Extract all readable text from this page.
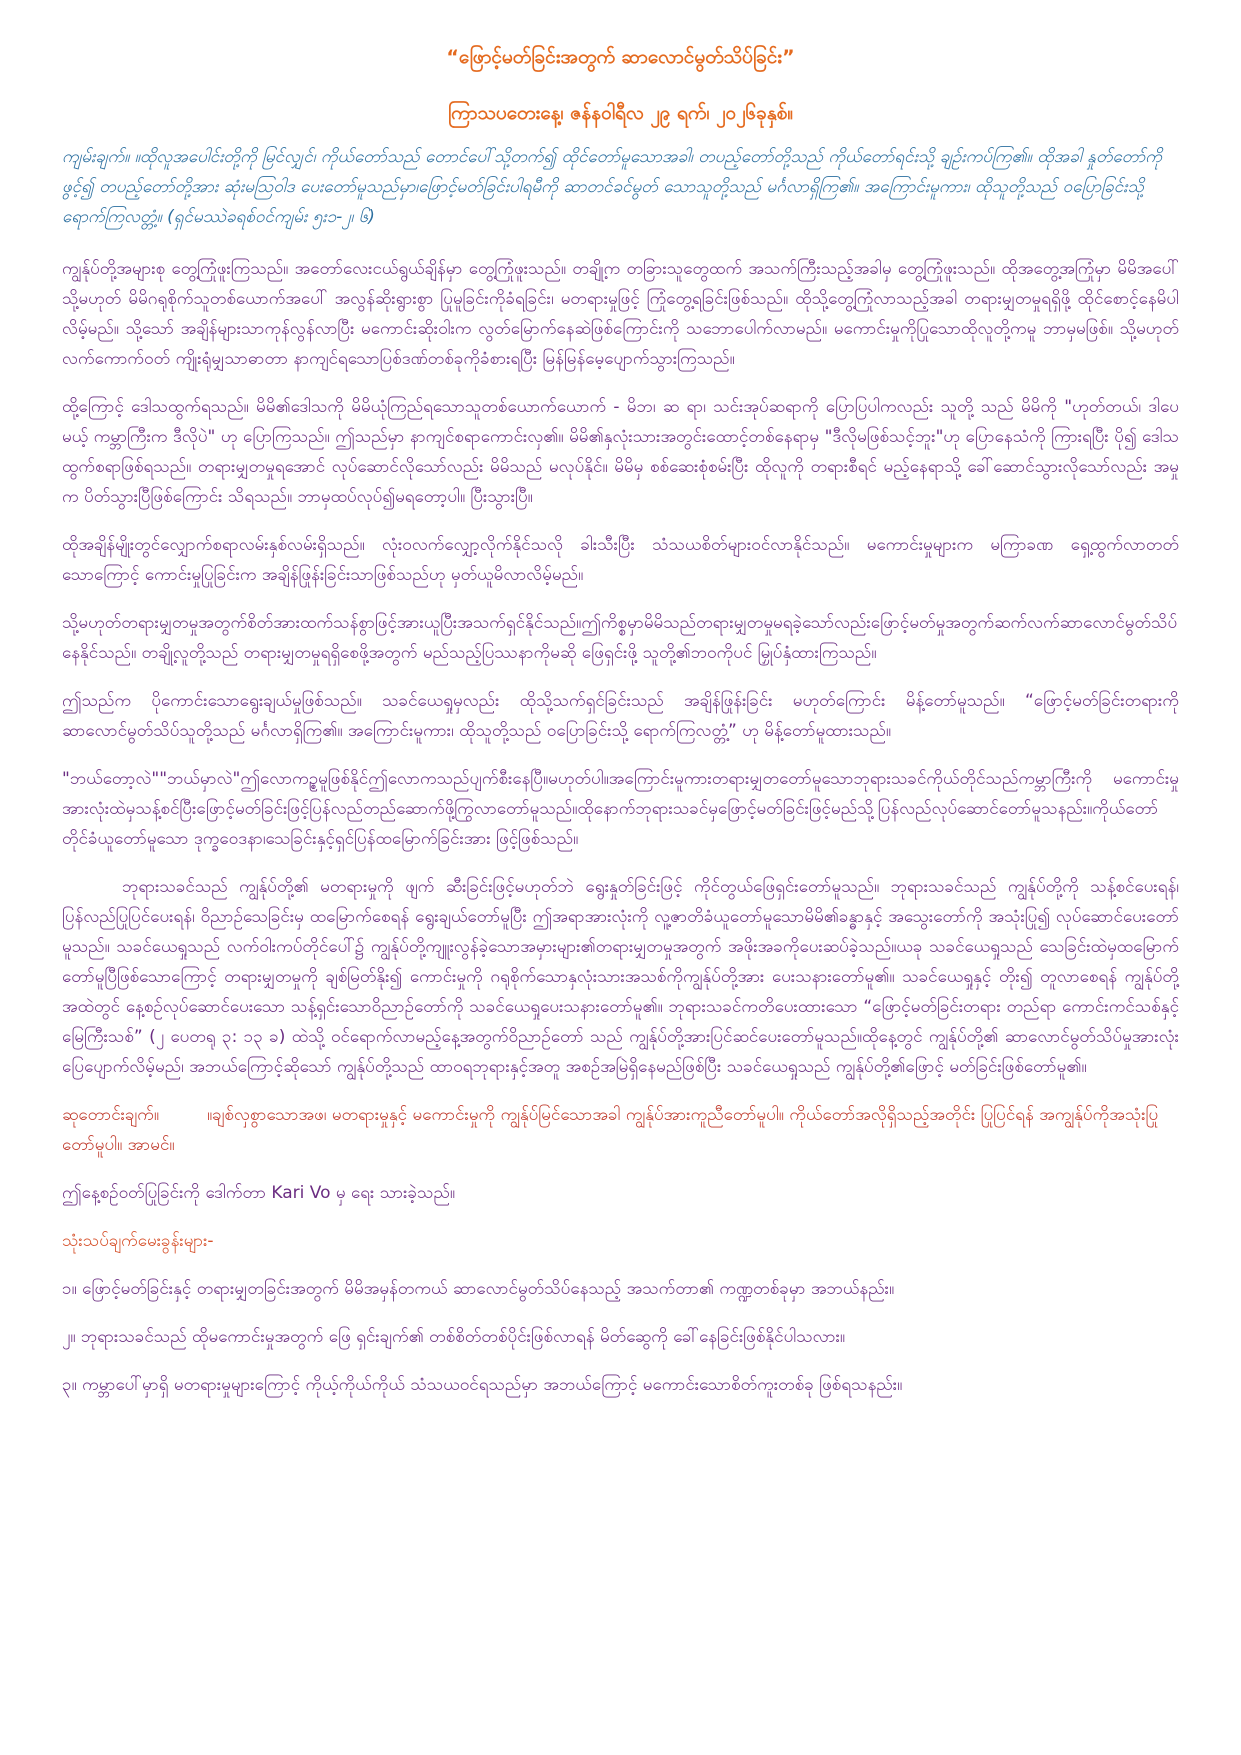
“ဖြောင့်မတ်ခြင်းအတွက် ဆာလောင်မွတ်သိပ်ခြင်း”

ကြာသပတေးနေ့၊ ဇန်နဝါရီလ ၂၉ ရက်၊ ၂၀၂၆ခုနှစ်။

ကျမ်းချက်။ ။ထိုလူအပေါင်းတို့ကို မြင်လျှင်၊ ကိုယ်တော်သည် တောင်ပေါ်သို့တက်၍ ထိုင်တော်မူသောအခါ၊ တပည့်တော်တို့သည် ကိုယ်တော်ရင်းသို့ ချဉ်းကပ်ကြ၏။ ထိုအခါ နှုတ်တော်ကိုဖွင့်၍ တပည့်တော်တို့အား ဆုံးမဩဝါဒ ပေးတော်မူသည်မှာ၊ဖြောင့်မတ်ခြင်းပါရမီကို ဆာတင်ခင်မွတ် သောသူတို့သည် မင်္ဂလာရှိကြ၏။ အကြောင်းမူကား၊ ထိုသူတို့သည် ဝပြောခြင်းသို့ ရောက်ကြလတ္တံ့။ (ရှင်မဿဲခရစ်ဝင်ကျမ်း ၅း၁-၂၊ ၆)

ကျွန်ုပ်တို့အများစု တွေ့ကြုံဖူးကြသည်။ အတော်လေးငယ်ရွယ်ချိန်မှာ တွေ့ကြုံဖူးသည်။ တချို့က တခြားသူတွေထက် အသက်ကြီးသည့်အခါမှ တွေ့ကြုံဖူးသည်။ ထိုအတွေ့အကြုံမှာ မိမိအပေါ် သို့မဟုတ် မိမိဂရုစိုက်သူတစ်ယောက်အပေါ် အလွန်ဆိုးရွားစွာ ပြုမူခြင်းကိုခံရခြင်း၊ မတရားမှုဖြင့် ကြုံတွေ့ရခြင်းဖြစ်သည်။ ထိုသို့တွေ့ကြုံလာသည့်အခါ တရားမျှတမှုရရှိဖို့ ထိုင်စောင့်နေမိပါလိမ့်မည်။ သို့သော် အချိန်များသာကုန်လွန်လာပြီး မကောင်းဆိုးဝါးက လွတ်မြောက်နေဆဲဖြစ်ကြောင်းကို သဘောပေါက်လာမည်။ မကောင်းမှုကိုပြုသောထိုလူတို့ကမူ ဘာမှမဖြစ်။ သို့မဟုတ် လက်ကောက်ဝတ် ကျိုးရုံမျှသာဓာတာ နာကျင်ရသောပြစ်ဒဏ်တစ်ခုကိုခံစားရပြီး မြန်မြန်မေ့ပျောက်သွားကြသည်။

ထို့ကြောင့် ဒေါသထွက်ရသည်။ မိမိ၏ဒေါသကို မိမိယုံကြည်ရသောသူတစ်ယောက်ယောက် - မိဘ၊ ဆ ရာ၊ သင်းအုပ်ဆရာကို ပြောပြပါကလည်း သူတို့ သည် မိမိကို "ဟုတ်တယ်၊ ဒါပေမယ့် ကမ္ဘာကြီးက ဒီလိုပဲ" ဟု ပြောကြသည်။ ဤသည်မှာ နာကျင်စရာကောင်းလှ၏။ မိမိ၏နှလုံးသားအတွင်းထောင့်တစ်နေရာမှ "ဒီလိုမဖြစ်သင့်ဘူး"ဟု ပြောနေသံကို ကြားရပြီး ပို၍ ဒေါသထွက်စရာဖြစ်ရသည်။ တရားမျှတမှုရအောင် လုပ်ဆောင်လိုသော်လည်း မိမိသည် မလုပ်နိုင်။ မိမိမှ စစ်ဆေးစုံစမ်းပြီး ထိုလူကို တရားစီရင် မည့်နေရာသို့ ခေါ်ဆောင်သွားလိုသော်လည်း အမှုက ပိတ်သွားပြီဖြစ်ကြောင်း သိရသည်။ ဘာမှထပ်လုပ်၍မရတော့ပါ။ ပြီးသွားပြီ။

ထိုအချိန်မျိုးတွင်လျှောက်စရာလမ်းနှစ်လမ်းရှိသည်။ လုံးဝလက်လျှော့လိုက်နိုင်သလို ခါးသီးပြီး သံသယစိတ်များဝင်လာနိုင်သည်။ မကောင်းမှုများက မကြာခဏ ရှေ့ထွက်လာတတ်သောကြောင့် ကောင်းမှုပြုခြင်းက အချိန်ဖြုန်းခြင်းသာဖြစ်သည်ဟု မှတ်ယူမိလာလိမ့်မည်။

သို့မဟုတ်တရားမျှတမှုအတွက်စိတ်အားထက်သန်စွာဖြင့်အားယူပြီးအသက်ရှင်နိုင်သည်။ဤကိစ္စမှာမိမိသည်တရားမျှတမှုမရခဲ့သော်လည်းဖြောင့်မတ်မှုအတွက်ဆက်လက်ဆာလောင်မွတ်သိပ်နေနိုင်သည်။ တချို့လူတို့သည် တရားမျှတမှုရရှိစေဖို့အတွက် မည်သည့်ပြဿနာကိုမဆို ဖြေရှင်းဖို့ သူတို့၏ဘဝကိုပင် မြှုပ်နှံထားကြသည်။

ဤသည်က ပိုကောင်းသောရွေးချယ်မှုဖြစ်သည်။ သခင်ယေရှုမှလည်း ထိုသို့သက်ရှင်ခြင်းသည် အချိန်ဖြုန်းခြင်း မဟုတ်ကြောင်း မိန့်တော်မူသည်။ “ဖြောင့်မတ်ခြင်းတရားကို ဆာလောင်မွတ်သိပ်သူတို့သည် မင်္ဂလာရှိကြ၏။ အကြောင်းမူကား၊ ထိုသူတို့သည် ဝပြောခြင်းသို့ ရောက်ကြလတ္တံ့” ဟု မိန့်တော်မူထားသည်။

"ဘယ်တော့လဲ""ဘယ်မှာလဲ"ဤလောကဥ္စမူဖြစ်နိုင်ဤလောကသည်ပျက်စီးနေပြီ။မဟုတ်ပါ။အကြောင်းမူကားတရားမျှတတော်မူသောဘုရားသခင်ကိုယ်တိုင်သည်ကမ္ဘာကြီးကို မကောင်းမှုအားလုံးထဲမှသန့်စင်ပြီးဖြောင့်မတ်ခြင်းဖြင့်ပြန်လည်တည်ဆောက်ဖို့ကြွလာတော်မူသည်။ထိုနောက်ဘုရားသခင်မှဖြောင့်မတ်ခြင်းဖြင့်မည်သို့ပြန်လည်လုပ်ဆောင်တော်မူသနည်း။ကိုယ်တော်တိုင်ခံယူတော်မူသော ဒုက္ခဝေဒနာ၊သေခြင်းနှင့်ရှင်ပြန်ထမြောက်ခြင်းအား ဖြင့်ဖြစ်သည်။

ဘုရားသခင်သည် ကျွန်ုပ်တို့၏ မတရားမှုကို ဖျက် ဆီးခြင်းဖြင့်မဟုတ်ဘဲ ရွေးနှုတ်ခြင်းဖြင့် ကိုင်တွယ်ဖြေရှင်းတော်မူသည်။ ဘုရားသခင်သည် ကျွန်ုပ်တို့ကို သန့်စင်ပေးရန်၊ ပြန်လည်ပြုပြင်ပေးရန်၊ ဝိညာဉ်သေခြင်းမှ ထမြောက်စေရန် ရွေးချယ်တော်မူပြီး ဤအရာအားလုံးကို လူ့ဇာတိခံယူတော်မူသောမိမိ၏ခန္ဓာနှင့် အသွေးတော်ကို အသုံးပြု၍ လုပ်ဆောင်ပေးတော်မူသည်။ သခင်ယေရှုသည် လက်ဝါးကပ်တိုင်ပေါ်၌ ကျွန်ုပ်တို့ကျူးလွန်ခဲ့သောအမှားများ၏တရားမျှတမှုအတွက် အဖိုးအခကိုပေးဆပ်ခဲ့သည်။ယခု သခင်ယေရှုသည် သေခြင်းထဲမှထမြောက်တော်မူပြီဖြစ်သောကြောင့် တရားမျှတမှုကို ချစ်မြတ်နိုး၍ ကောင်းမှုကို ဂရုစိုက်သောနှလုံးသားအသစ်ကိုကျွန်ုပ်တို့အား ပေးသနားတော်မူ၏။ သခင်ယေရှုနှင့် တိုး၍ တူလာစေရန် ကျွန်ုပ်တို့အထဲတွင် နေ့စဉ်လုပ်ဆောင်ပေးသော သန့်ရှင်းသောဝိညာဉ်တော်ကို သခင်ယေရှုပေးသနားတော်မူ၏။ ဘုရားသခင်ကတိပေးထားသော “ဖြောင့်မတ်ခြင်းတရား တည်ရာ ကောင်းကင်သစ်နှင့် မြေကြီးသစ်” (၂ ပေတရု ၃: ၁၃ ခ) ထဲသို့ ဝင်ရောက်လာမည့်နေ့အတွက်ဝိညာဉ်တော် သည် ကျွန်ုပ်တို့အားပြင်ဆင်ပေးတော်မူသည်။ထိုနေ့တွင် ကျွန်ုပ်တို့၏ ဆာလောင်မွတ်သိပ်မှုအားလုံး ပြေပျောက်လိမ့်မည်၊ အဘယ်ကြောင့်ဆိုသော် ကျွန်ုပ်တို့သည် ထာဝရဘုရားနှင့်အတူ အစဉ်အမြဲရှိနေမည်ဖြစ်ပြီး သခင်ယေရှုသည် ကျွန်ုပ်တို့၏ဖြောင့် မတ်ခြင်းဖြစ်တော်မူ၏။

ဆုတောင်းချက်။	။ချစ်လှစွာသောအဖ၊ မတရားမှုနှင့် မကောင်းမှုကို ကျွန်ုပ်မြင်သောအခါ ကျွန်ုပ်အားကူညီတော်မူပါ။ ကိုယ်တော်အလိုရှိသည့်အတိုင်း ပြုပြင်ရန် အကျွန်ုပ်ကိုအသုံးပြုတော်မူပါ။ အာမင်။

ဤနေ့စဉ်ဝတ်ပြုခြင်းကို ဒေါက်တာ Kari Vo မှ ရေး သားခဲ့သည်။

သုံးသပ်ချက်မေးခွန်းများ-

၁။ ဖြောင့်မတ်ခြင်းနှင့် တရားမျှတခြင်းအတွက် မိမိအမှန်တကယ် ဆာလောင်မွတ်သိပ်နေသည့် အသက်တာ၏ ကဏ္ဍတစ်ခုမှာ အဘယ်နည်း။

၂။ ဘုရားသခင်သည် ထိုမကောင်းမှုအတွက် ဖြေ ရှင်းချက်၏ တစ်စိတ်တစ်ပိုင်းဖြစ်လာရန် မိတ်ဆွေကို ခေါ်နေခြင်းဖြစ်နိုင်ပါသလား။

၃။ ကမ္ဘာပေါ်မှာရှိ မတရားမှုများကြောင့် ကိုယ့်ကိုယ်ကိုယ် သံသယဝင်ရသည်မှာ အဘယ်ကြောင့် မကောင်းသောစိတ်ကူးတစ်ခု ဖြစ်ရသနည်း။
